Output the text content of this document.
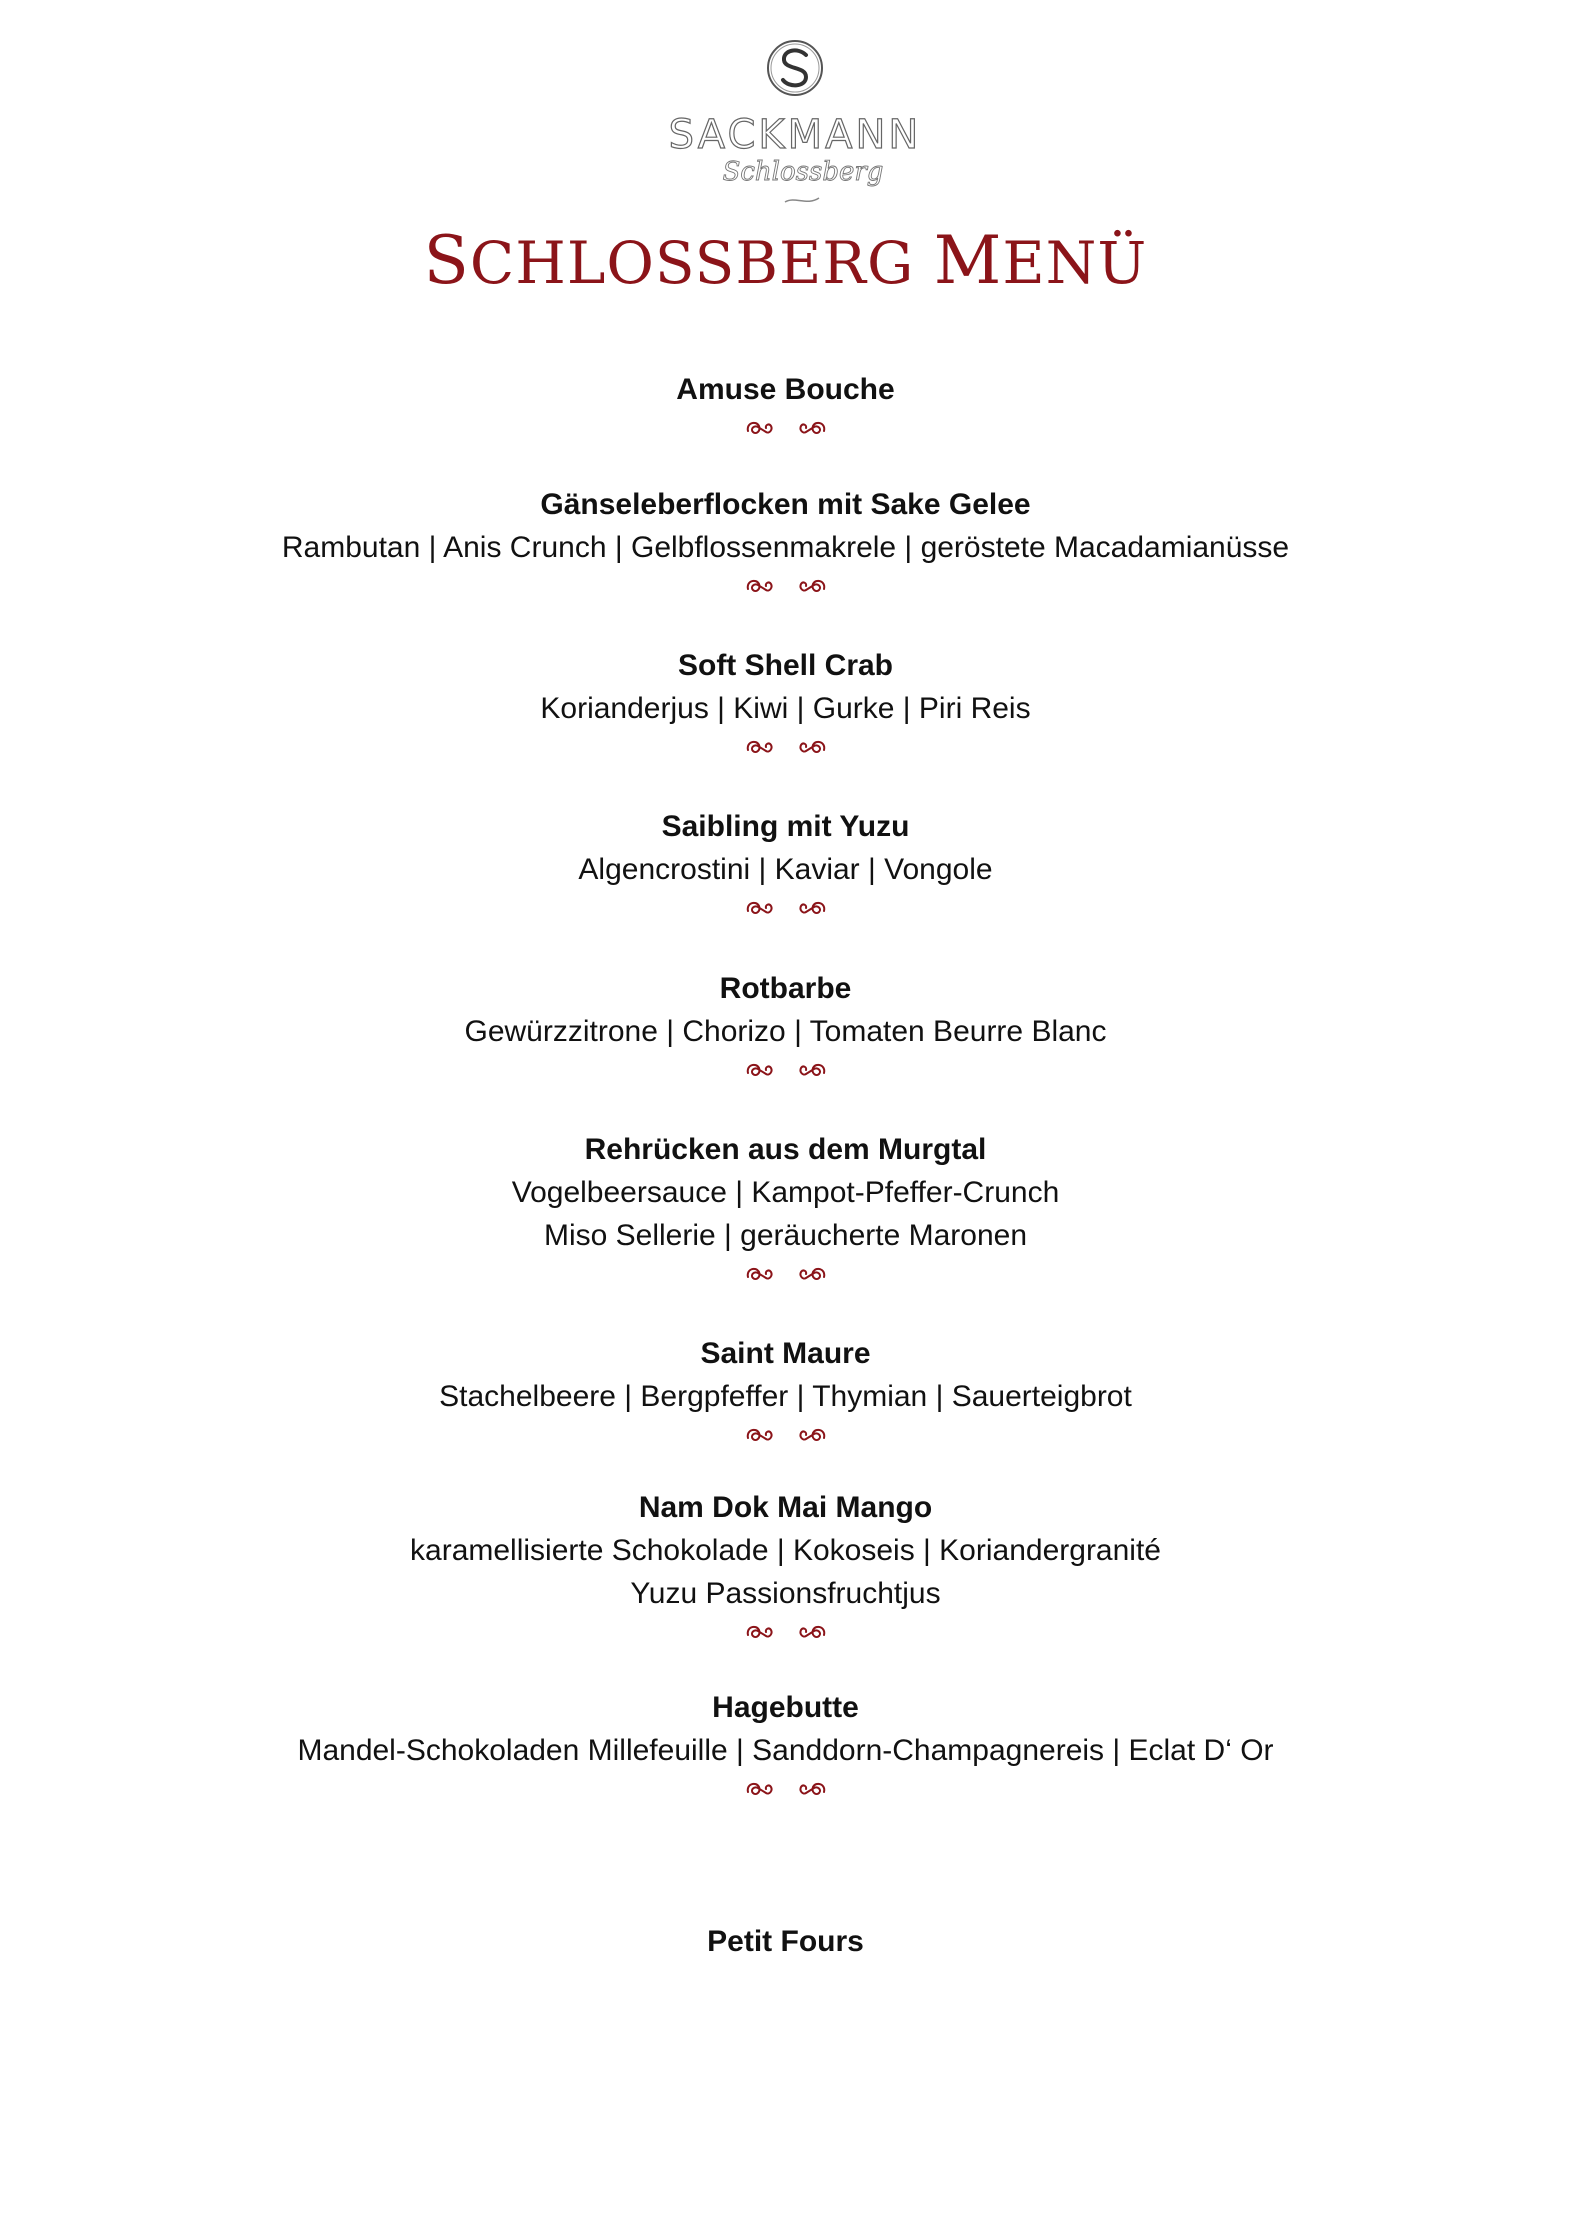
SACKMANN
Schlossberg
SCHLOSSBERG MENÜ
Amuse Bouche
Gänseleberflocken mit Sake Gelee
Rambutan | Anis Crunch | Gelbflossenmakrele | geröstete Macadamianüsse
Soft Shell Crab
Korianderjus | Kiwi | Gurke | Piri Reis
Saibling mit Yuzu
Algencrostini | Kaviar | Vongole
Rotbarbe
Gewürzzitrone | Chorizo | Tomaten Beurre Blanc
Rehrücken aus dem Murgtal
Vogelbeersauce | Kampot-Pfeffer-Crunch
Miso Sellerie | geräucherte Maronen
Saint Maure
Stachelbeere | Bergpfeffer | Thymian | Sauerteigbrot
Nam Dok Mai Mango
karamellisierte Schokolade | Kokoseis | Koriandergranité
Yuzu Passionsfruchtjus
Hagebutte
Mandel-Schokoladen Millefeuille | Sanddorn-Champagnereis | Eclat D‘ Or
Petit Fours
